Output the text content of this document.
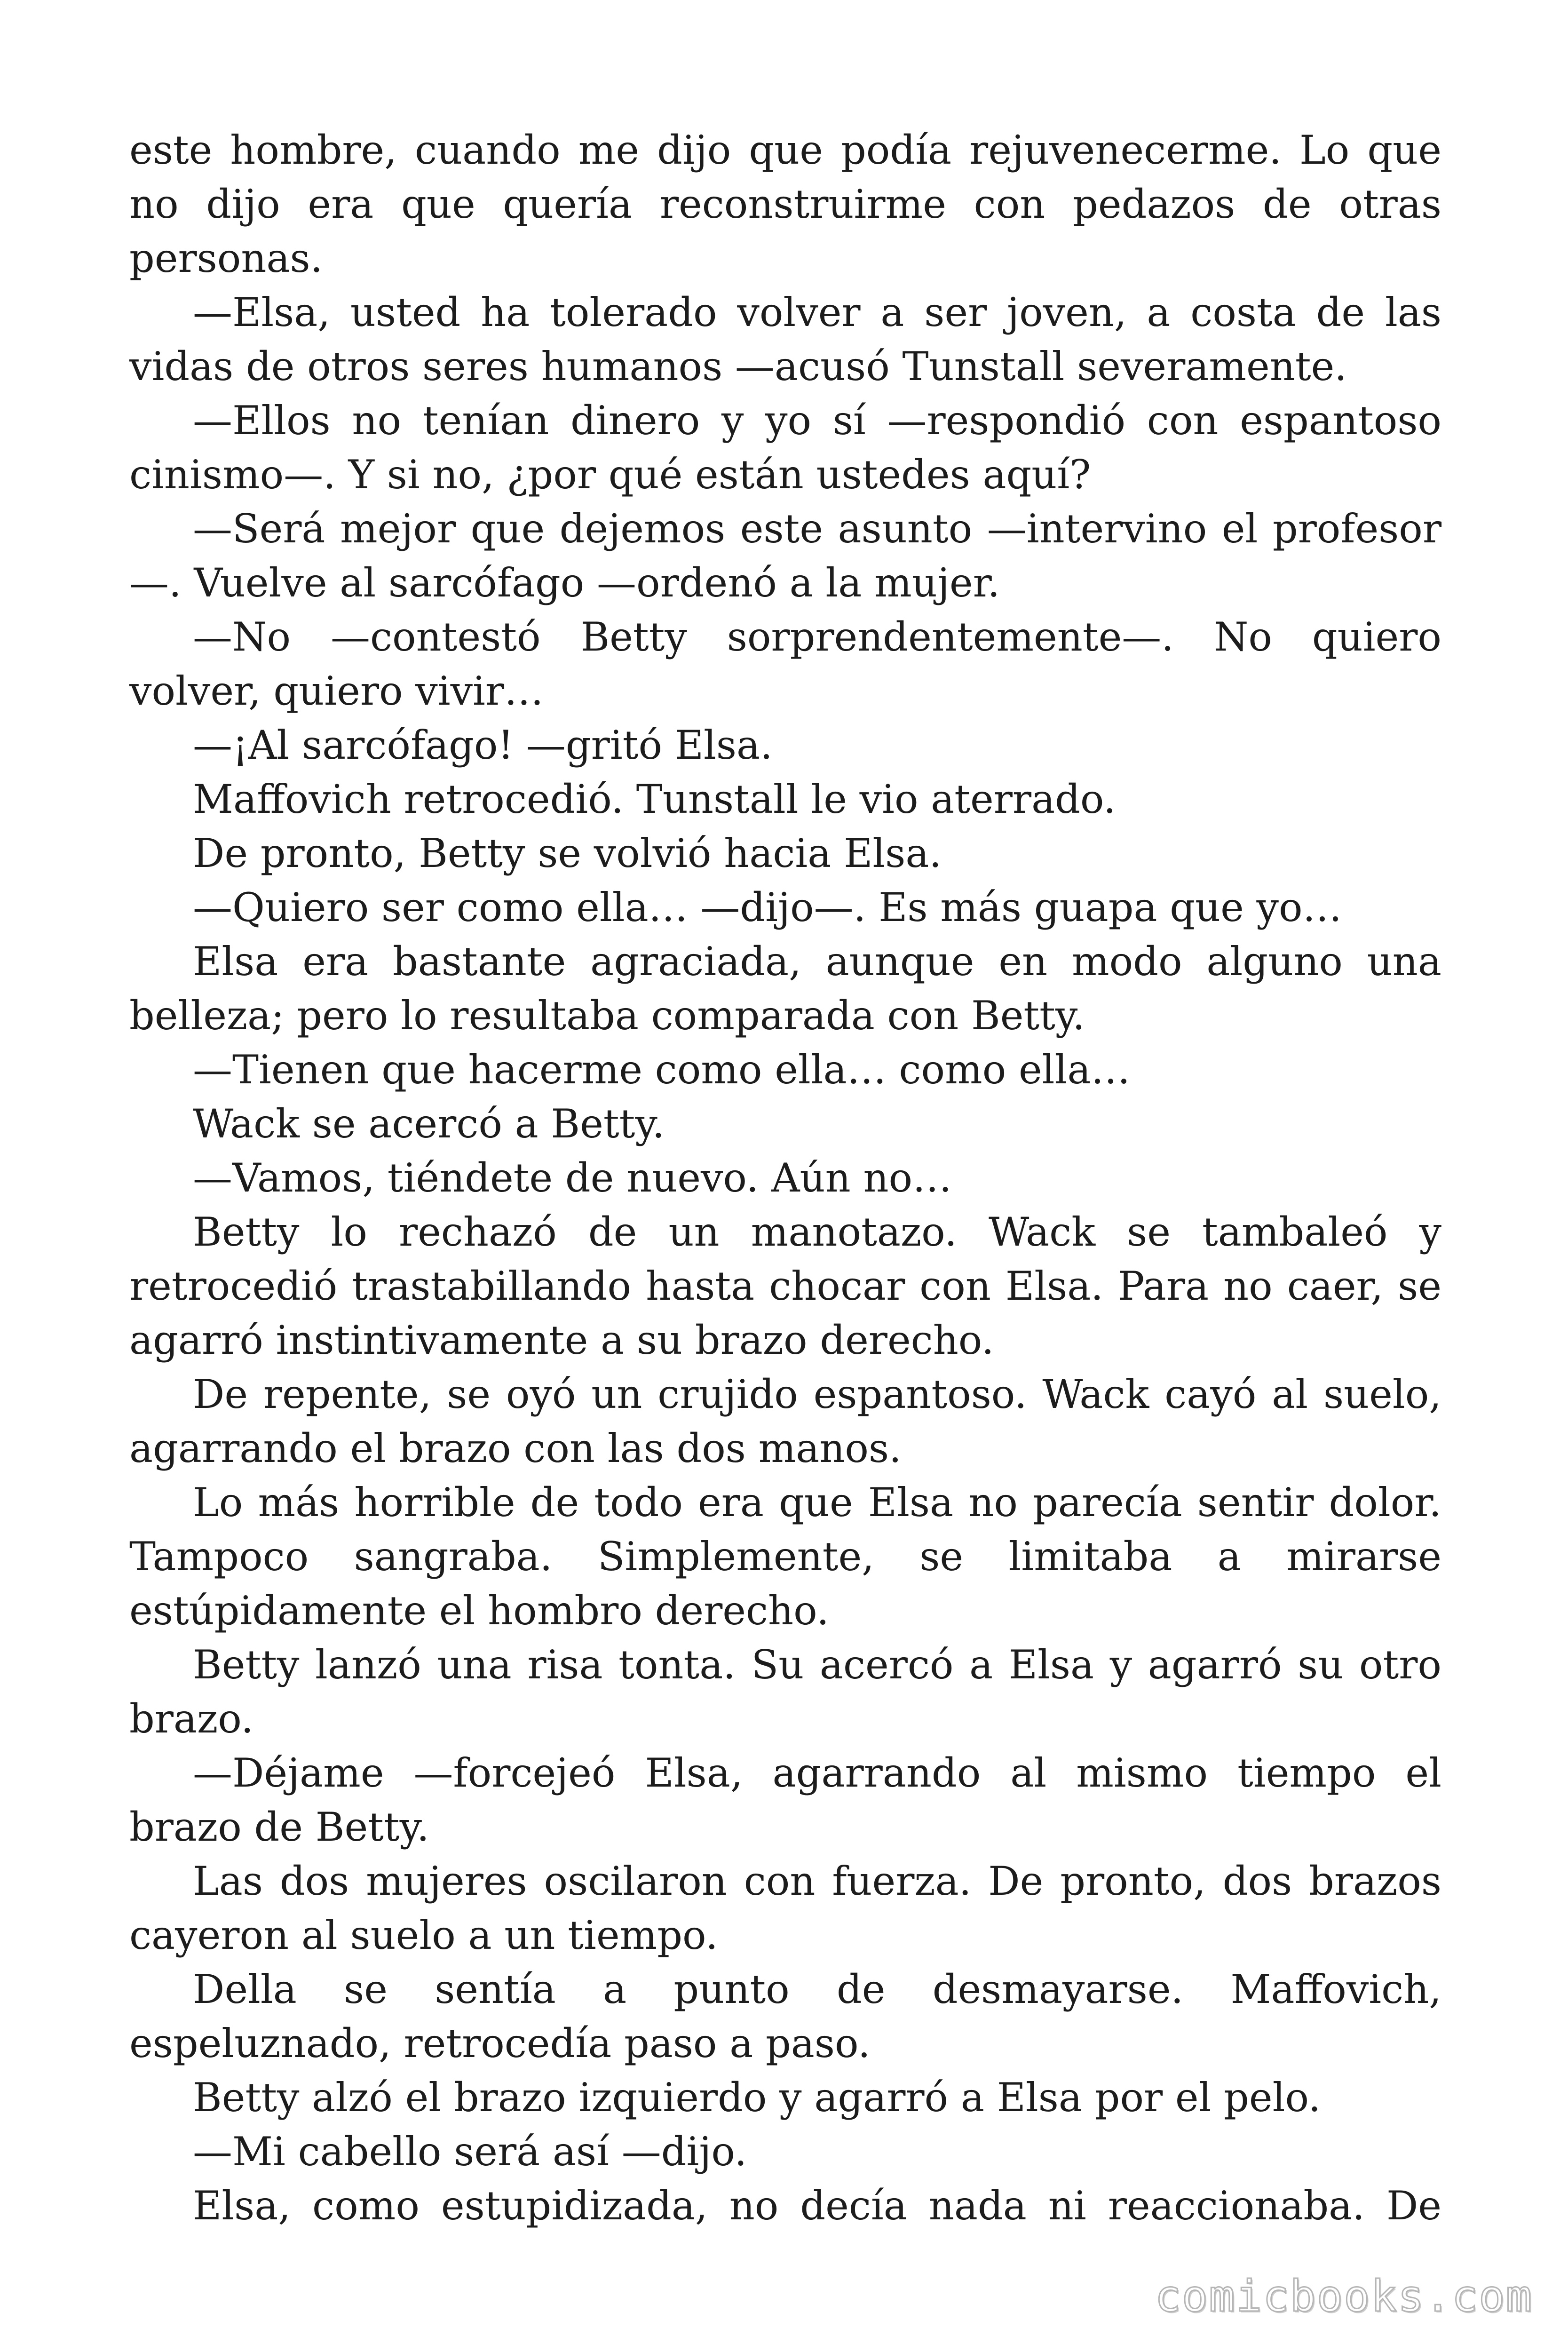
este hombre, cuando me dijo que podía rejuvenecerme. Lo que no dijo era que quería reconstruirme con pedazos de otras personas.

—Elsa, usted ha tolerado volver a ser joven, a costa de las vidas de otros seres humanos —acusó Tunstall severamente.

—Ellos no tenían dinero y yo sí —respondió con espantoso cinismo—. Y si no, ¿por qué están ustedes aquí?

—Será mejor que dejemos este asunto —intervino el profesor—. Vuelve al sarcófago —ordenó a la mujer.

—No —contestó Betty sorprendentemente—. No quiero volver, quiero vivir…

—¡Al sarcófago! —gritó Elsa.

Maffovich retrocedió. Tunstall le vio aterrado.

De pronto, Betty se volvió hacia Elsa.

—Quiero ser como ella… —dijo—. Es más guapa que yo…

Elsa era bastante agraciada, aunque en modo alguno una belleza; pero lo resultaba comparada con Betty.

—Tienen que hacerme como ella… como ella…

Wack se acercó a Betty.

—Vamos, tiéndete de nuevo. Aún no…

Betty lo rechazó de un manotazo. Wack se tambaleó y retrocedió trastabillando hasta chocar con Elsa. Para no caer, se agarró instintivamente a su brazo derecho.

De repente, se oyó un crujido espantoso. Wack cayó al suelo, agarrando el brazo con las dos manos.

Lo más horrible de todo era que Elsa no parecía sentir dolor. Tampoco sangraba. Simplemente, se limitaba a mirarse estúpidamente el hombro derecho.

Betty lanzó una risa tonta. Su acercó a Elsa y agarró su otro brazo.

—Déjame —forcejeó Elsa, agarrando al mismo tiempo el brazo de Betty.

Las dos mujeres oscilaron con fuerza. De pronto, dos brazos cayeron al suelo a un tiempo.

Della se sentía a punto de desmayarse. Maffovich, espeluznado, retrocedía paso a paso.

Betty alzó el brazo izquierdo y agarró a Elsa por el pelo.

—Mi cabello será así —dijo.

Elsa, como estupidizada, no decía nada ni reaccionaba. De

comicbooks.com
